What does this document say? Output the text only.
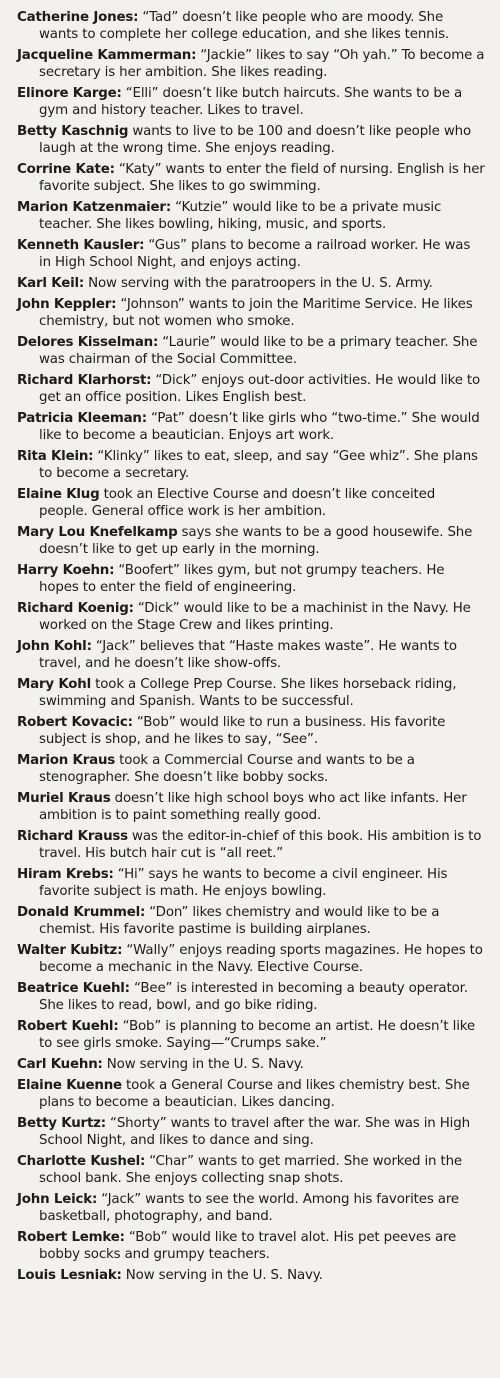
Catherine Jones: “Tad” doesn’t like people who are moody. She wants to complete her college education, and she likes tennis.

Jacqueline Kammerman: “Jackie” likes to say “Oh yah.” To become a secretary is her ambition. She likes reading.

Elinore Karge: “Elli” doesn’t like butch haircuts. She wants to be a gym and history teacher. Likes to travel.

Betty Kaschnig wants to live to be 100 and doesn’t like people who laugh at the wrong time. She enjoys reading.

Corrine Kate: “Katy” wants to enter the field of nursing. English is her favorite subject. She likes to go swimming.

Marion Katzenmaier: “Kutzie” would like to be a private music teacher. She likes bowling, hiking, music, and sports.

Kenneth Kausler: “Gus” plans to become a railroad worker. He was in High School Night, and enjoys acting.

Karl Keil: Now serving with the paratroopers in the U. S. Army.

John Keppler: “Johnson” wants to join the Maritime Service. He likes chemistry, but not women who smoke.

Delores Kisselman: “Laurie” would like to be a primary teacher. She was chairman of the Social Committee.

Richard Klarhorst: “Dick” enjoys out-door activities. He would like to get an office position. Likes English best.

Patricia Kleeman: “Pat” doesn’t like girls who “two-time.” She would like to become a beautician. Enjoys art work.

Rita Klein: “Klinky” likes to eat, sleep, and say “Gee whiz”. She plans to become a secretary.

Elaine Klug took an Elective Course and doesn’t like conceited people. General office work is her ambition.

Mary Lou Knefelkamp says she wants to be a good housewife. She doesn’t like to get up early in the morning.

Harry Koehn: “Boofert” likes gym, but not grumpy teachers. He hopes to enter the field of engineering.

Richard Koenig: “Dick” would like to be a machinist in the Navy. He worked on the Stage Crew and likes printing.

John Kohl: “Jack” believes that “Haste makes waste”. He wants to travel, and he doesn’t like show-offs.

Mary Kohl took a College Prep Course. She likes horseback riding, swimming and Spanish. Wants to be successful.

Robert Kovacic: “Bob” would like to run a business. His favorite subject is shop, and he likes to say, “See”.

Marion Kraus took a Commercial Course and wants to be a stenographer. She doesn’t like bobby socks.

Muriel Kraus doesn’t like high school boys who act like infants. Her ambition is to paint something really good.

Richard Krauss was the editor-in-chief of this book. His ambition is to travel. His butch hair cut is “all reet.”

Hiram Krebs: “Hi” says he wants to become a civil engineer. His favorite subject is math. He enjoys bowling.

Donald Krummel: “Don” likes chemistry and would like to be a chemist. His favorite pastime is building airplanes.

Walter Kubitz: “Wally” enjoys reading sports magazines. He hopes to become a mechanic in the Navy. Elective Course.

Beatrice Kuehl: “Bee” is interested in becoming a beauty operator. She likes to read, bowl, and go bike riding.

Robert Kuehl: “Bob” is planning to become an artist. He doesn’t like to see girls smoke. Saying—“Crumps sake.”

Carl Kuehn: Now serving in the U. S. Navy.

Elaine Kuenne took a General Course and likes chemistry best. She plans to become a beautician. Likes dancing.

Betty Kurtz: “Shorty” wants to travel after the war. She was in High School Night, and likes to dance and sing.

Charlotte Kushel: “Char” wants to get married. She worked in the school bank. She enjoys collecting snap shots.

John Leick: “Jack” wants to see the world. Among his favorites are basketball, photography, and band.

Robert Lemke: “Bob” would like to travel alot. His pet peeves are bobby socks and grumpy teachers.

Louis Lesniak: Now serving in the U. S. Navy.
